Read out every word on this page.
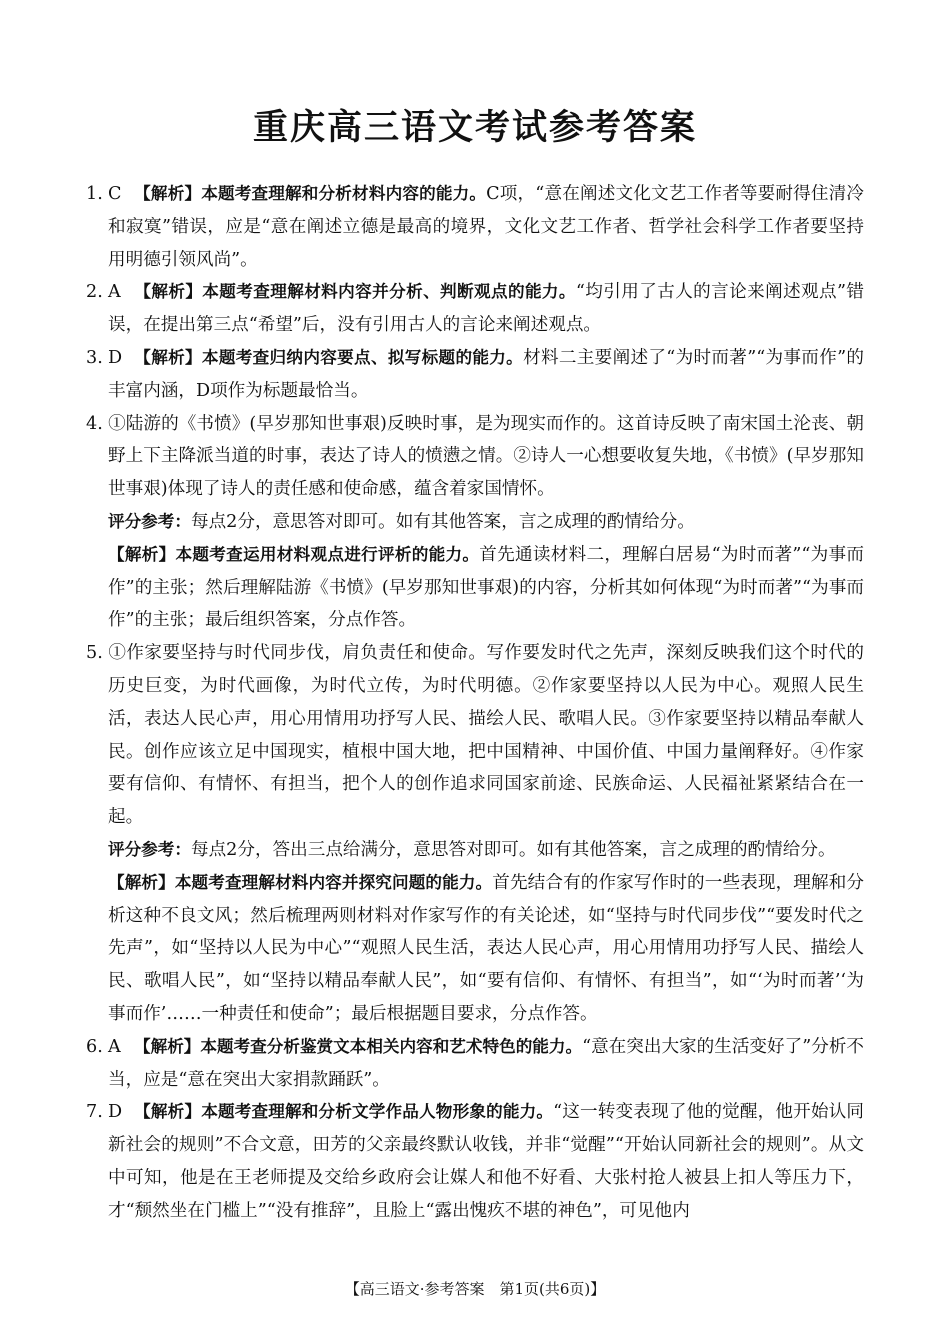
重庆高三语文考试参考答案

1. C 【解析】本题考查理解和分析材料内容的能力。C项，“意在阐述文化文艺工作者等要耐得住清冷和寂寞”错误，应是“意在阐述立德是最高的境界，文化文艺工作者、哲学社会科学工作者要坚持用明德引领风尚”。

2. A 【解析】本题考查理解材料内容并分析、判断观点的能力。“均引用了古人的言论来阐述观点”错误，在提出第三点“希望”后，没有引用古人的言论来阐述观点。

3. D 【解析】本题考查归纳内容要点、拟写标题的能力。材料二主要阐述了“为时而著”“为事而作”的丰富内涵，D项作为标题最恰当。

4. ①陆游的《书愤》(早岁那知世事艰)反映时事，是为现实而作的。这首诗反映了南宋国土沦丧、朝野上下主降派当道的时事，表达了诗人的愤懑之情。②诗人一心想要收复失地，《书愤》(早岁那知世事艰)体现了诗人的责任感和使命感，蕴含着家国情怀。

评分参考：每点2分，意思答对即可。如有其他答案，言之成理的酌情给分。

【解析】本题考查运用材料观点进行评析的能力。首先通读材料二，理解白居易“为时而著”“为事而作”的主张；然后理解陆游《书愤》(早岁那知世事艰)的内容，分析其如何体现“为时而著”“为事而作”的主张；最后组织答案，分点作答。

5. ①作家要坚持与时代同步伐，肩负责任和使命。写作要发时代之先声，深刻反映我们这个时代的历史巨变，为时代画像，为时代立传，为时代明德。②作家要坚持以人民为中心。观照人民生活，表达人民心声，用心用情用功抒写人民、描绘人民、歌唱人民。③作家要坚持以精品奉献人民。创作应该立足中国现实，植根中国大地，把中国精神、中国价值、中国力量阐释好。④作家要有信仰、有情怀、有担当，把个人的创作追求同国家前途、民族命运、人民福祉紧紧结合在一起。

评分参考：每点2分，答出三点给满分，意思答对即可。如有其他答案，言之成理的酌情给分。

【解析】本题考查理解材料内容并探究问题的能力。首先结合有的作家写作时的一些表现，理解和分析这种不良文风；然后梳理两则材料对作家写作的有关论述，如“坚持与时代同步伐”“要发时代之先声”，如“坚持以人民为中心”“观照人民生活，表达人民心声，用心用情用功抒写人民、描绘人民、歌唱人民”，如“坚持以精品奉献人民”，如“要有信仰、有情怀、有担当”，如“‘为时而著’‘为事而作’……一种责任和使命”；最后根据题目要求，分点作答。

6. A 【解析】本题考查分析鉴赏文本相关内容和艺术特色的能力。“意在突出大家的生活变好了”分析不当，应是“意在突出大家捐款踊跃”。

7. D 【解析】本题考查理解和分析文学作品人物形象的能力。“这一转变表现了他的觉醒，他开始认同新社会的规则”不合文意，田芳的父亲最终默认收钱，并非“觉醒”“开始认同新社会的规则”。从文中可知，他是在王老师提及交给乡政府会让媒人和他不好看、大张村抢人被县上扣人等压力下，才“颓然坐在门槛上”“没有推辞”，且脸上“露出愧疚不堪的神色”，可见他内

【高三语文·参考答案　第1页(共6页)】
